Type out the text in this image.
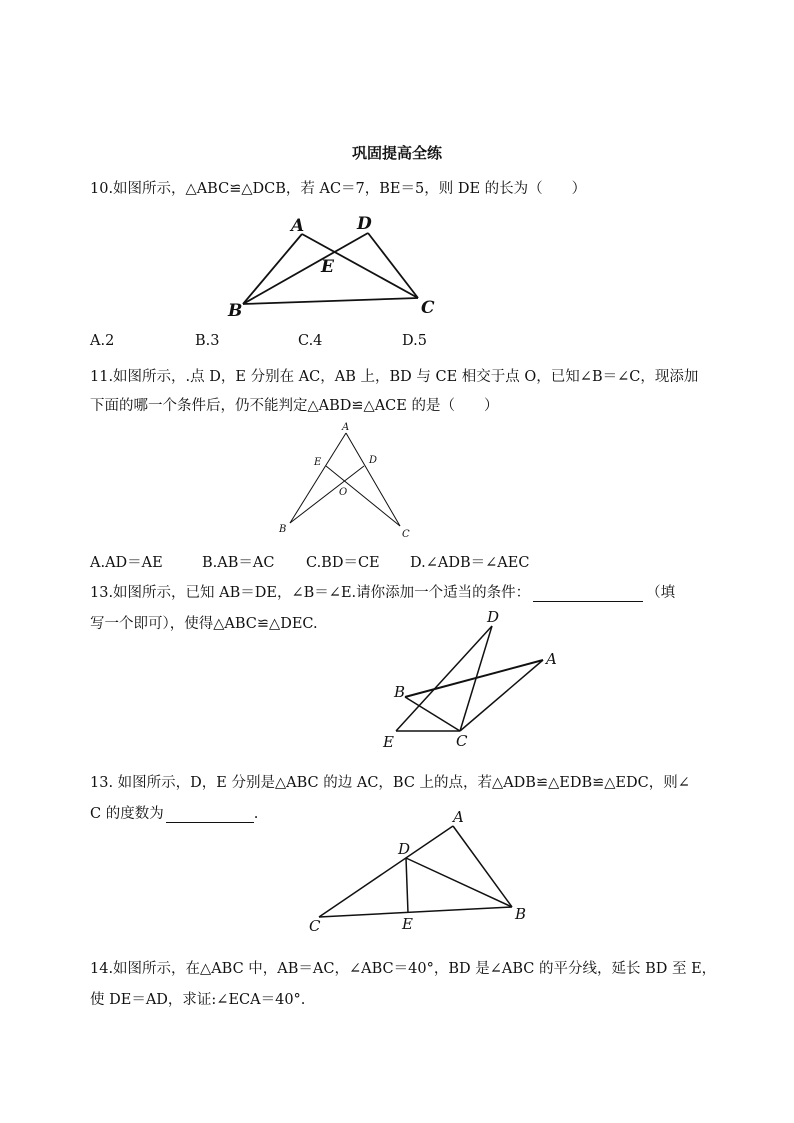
巩固提高全练
10.如图所示，△ABC≌△DCB，若 AC＝7，BE＝5，则 DE 的长为（　　）
A	D
E
B	C
A
E	D
O
B	C
D
A
B
E	C
A
D
C	E
B
A.2	B.3	C.4	D.5
11.如图所示，.点 D，E 分别在 AC，AB 上，BD 与 CE 相交于点 O，已知∠B＝∠C，现添加
下面的哪一个条件后，仍不能判定△ABD≌△ACE 的是（　　）
A.AD＝AE	B.AB＝AC C.BD＝CE D.∠ADB＝∠AEC
13.如图所示，已知 AB＝DE，∠B＝∠E.请你添加一个适当的条件：	（填
写一个即可），使得△ABC≌△DEC.
13. 如图所示，D，E 分别是△ABC 的边 AC，BC 上的点，若△ADB≌△EDB≌△EDC，则∠
C 的度数为	.
14.如图所示，在△ABC 中，AB＝AC，∠ABC＝40°，BD 是∠ABC 的平分线，延长 BD 至 E，
使 DE＝AD，求证:∠ECA＝40°.
